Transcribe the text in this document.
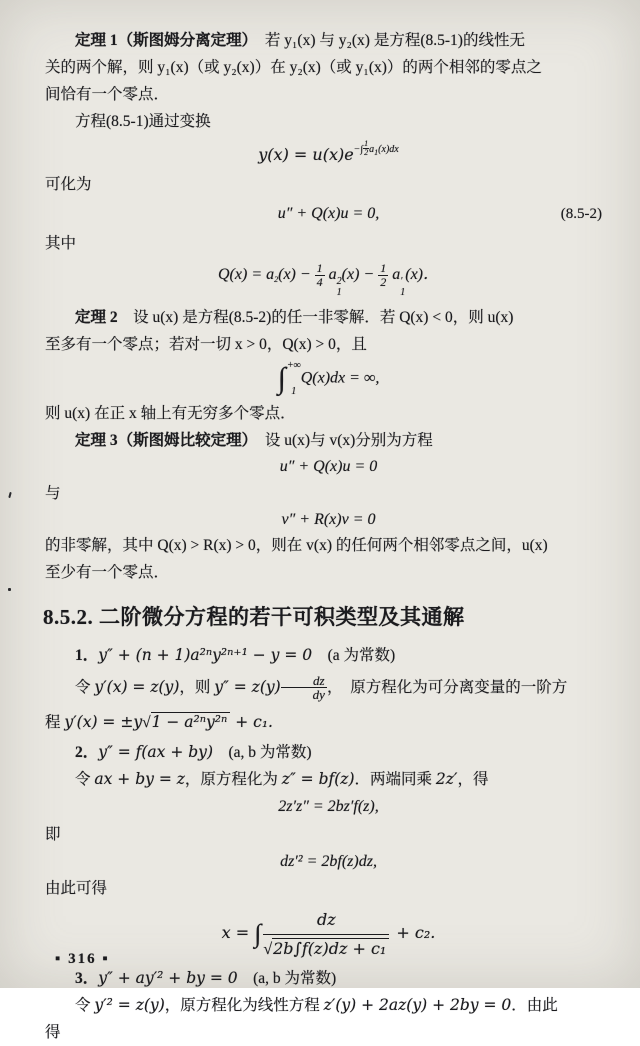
定理 1（斯图姆分离定理）　若 y₁(x) 与 y₂(x) 是方程(8.5-1)的线性无

关的两个解，则 y₁(x)（或 y₂(x)）在 y₂(x)（或 y₁(x)）的两个相邻的零点之

间恰有一个零点．

方程(8.5-1)通过变换

$y(x) = u(x)e-\int \frac{1}{2} a_1(x)dx$

可化为

u″ + Q(x)u = 0,	(8.5-2)

其中

$Q(x) = a2(x) - \frac{1}{4}$ a 2
1
$(x) - \frac{1}{2}$ a ′
1
(x)．

定理 2　设 u(x) 是方程(8.5-2)的任一非零解．若 Q(x) < 0，则 u(x)

至多有一个零点；若对一切 x > 0，Q(x) > 0，且

∫ +∞
1
Q(x)dx = ∞,

则 u(x) 在正 x 轴上有无穷多个零点．

定理 3（斯图姆比较定理）　设 u(x)与 v(x)分别为方程

u″ + Q(x)u = 0

与

v″ + R(x)v = 0

的非零解，其中 Q(x) > R(x) > 0，则在 v(x) 的任何两个相邻零点之间，u(x)

至少有一个零点．

8.5.2. 二阶微分方程的若干可积类型及其通解

1．y″ + (n + 1)a²ⁿy²ⁿ⁺¹ − y = 0　(a 为常数)

令 y′(x) = z(y)，则 $y'' = z(y) \frac{dz}{dy}$ ，　原方程化为可分离变量的一阶方

程 y′(x) = ±y√1 − a²ⁿy²ⁿ + c₁.

2．y″ = f(ax + by)　(a, b 为常数)

令 ax + by = z，原方程化为 z″ = bf(z)．两端同乘 2z′，得

2z′z″ = 2bz′f(z),

即

dz′² = 2bf(z)dz,

由此可得

x = ∫ $\frac{dz}{\text{√2b∫f(z)dz + c₁}} + c_2$.

3．y″ + ay′² + by = 0　(a, b 为常数)

令 y′² = z(y)，原方程化为线性方程 z′(y) + 2az(y) + 2by = 0．由此

得

▪ 316 ▪
